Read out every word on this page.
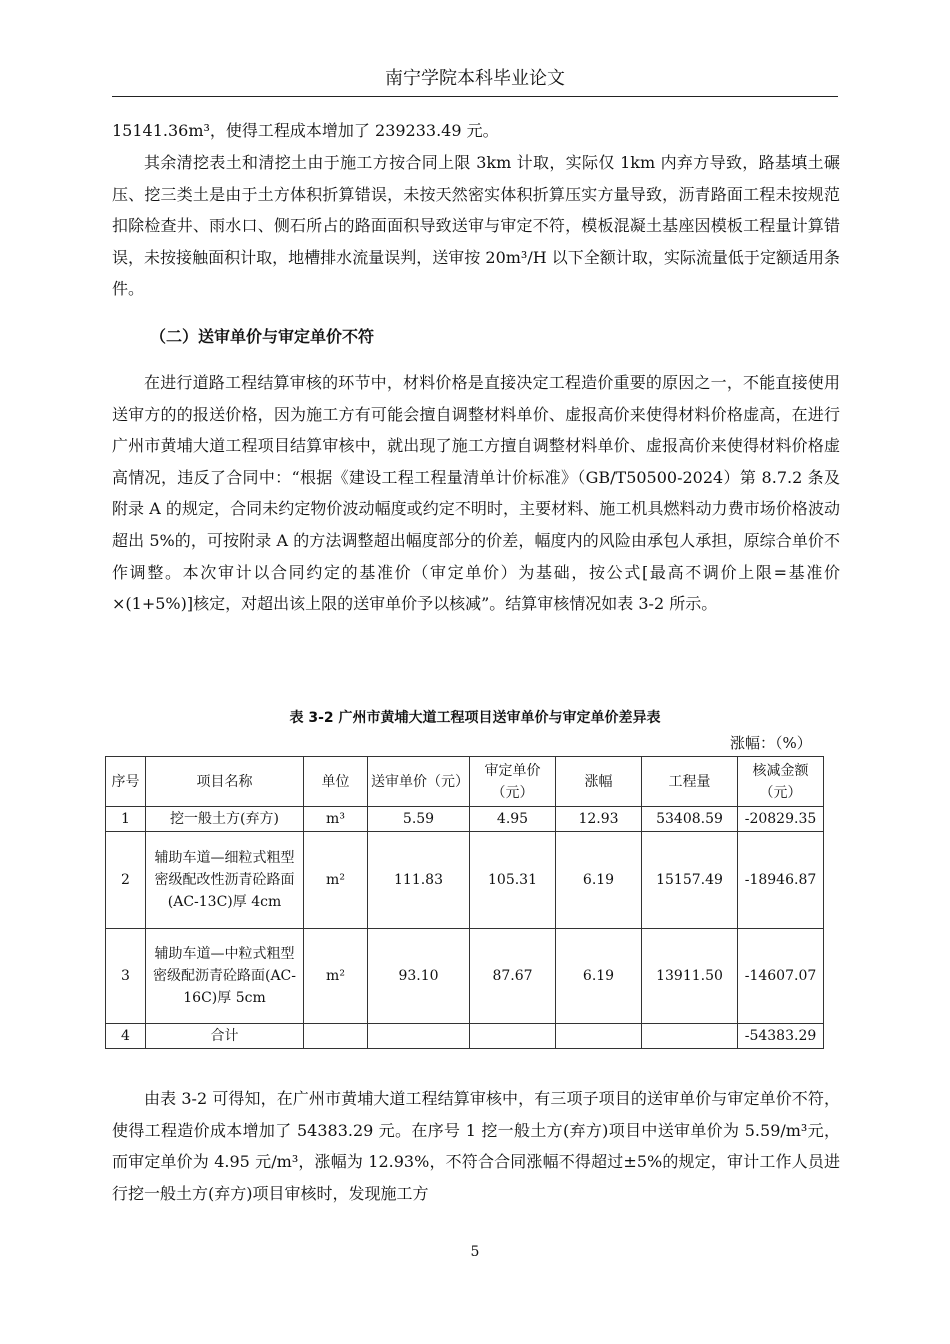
南宁学院本科毕业论文

15141.36m³，使得工程成本增加了 239233.49 元。

其余清挖表土和清挖土由于施工方按合同上限 3km 计取，实际仅 1km 内弃方导致，路基填土碾压、挖三类土是由于土方体积折算错误，未按天然密实体积折算压实方量导致，沥青路面工程未按规范扣除检查井、雨水口、侧石所占的路面面积导致送审与审定不符，模板混凝土基座因模板工程量计算错误，未按接触面积计取，地槽排水流量误判，送审按 20m³/H 以下全额计取，实际流量低于定额适用条件。

（二）送审单价与审定单价不符

在进行道路工程结算审核的环节中，材料价格是直接决定工程造价重要的原因之一，不能直接使用送审方的的报送价格，因为施工方有可能会擅自调整材料单价、虚报高价来使得材料价格虚高，在进行广州市黄埔大道工程项目结算审核中，就出现了施工方擅自调整材料单价、虚报高价来使得材料价格虚高情况，违反了合同中：“根据《建设工程工程量清单计价标准》（GB/T50500-2024）第 8.7.2 条及附录 A 的规定，合同未约定物价波动幅度或约定不明时，主要材料、施工机具燃料动力费市场价格波动超出 5%的，可按附录 A 的方法调整超出幅度部分的价差，幅度内的风险由承包人承担，原综合单价不作调整。本次审计以合同约定的基准价（审定单价）为基础，按公式[最高不调价上限=基准价×(1+5%)]核定，对超出该上限的送审单价予以核减”。结算审核情况如表 3-2 所示。

表 3-2 广州市黄埔大道工程项目送审单价与审定单价差异表
涨幅：（%）
序号	项目名称	单位	送审单价（元）	审定单价（元）	涨幅	工程量	核减金额（元）
1	挖一般土方(弃方)	m³	5.59	4.95	12.93	53408.59	-20829.35
2	辅助车道—细粒式粗型密级配改性沥青砼路面(AC-13C)厚 4cm	m²	111.83	105.31	6.19	15157.49	-18946.87
3	辅助车道—中粒式粗型密级配沥青砼路面(AC-16C)厚 5cm	m²	93.10	87.67	6.19	13911.50	-14607.07
4	合计						-54383.29

由表 3-2 可得知，在广州市黄埔大道工程结算审核中，有三项子项目的送审单价与审定单价不符，使得工程造价成本增加了 54383.29 元。在序号 1 挖一般土方(弃方)项目中送审单价为 5.59/m³元，而审定单价为 4.95 元/m³，涨幅为 12.93%，不符合合同涨幅不得超过±5%的规定，审计工作人员进行挖一般土方(弃方)项目审核时，发现施工方

5
